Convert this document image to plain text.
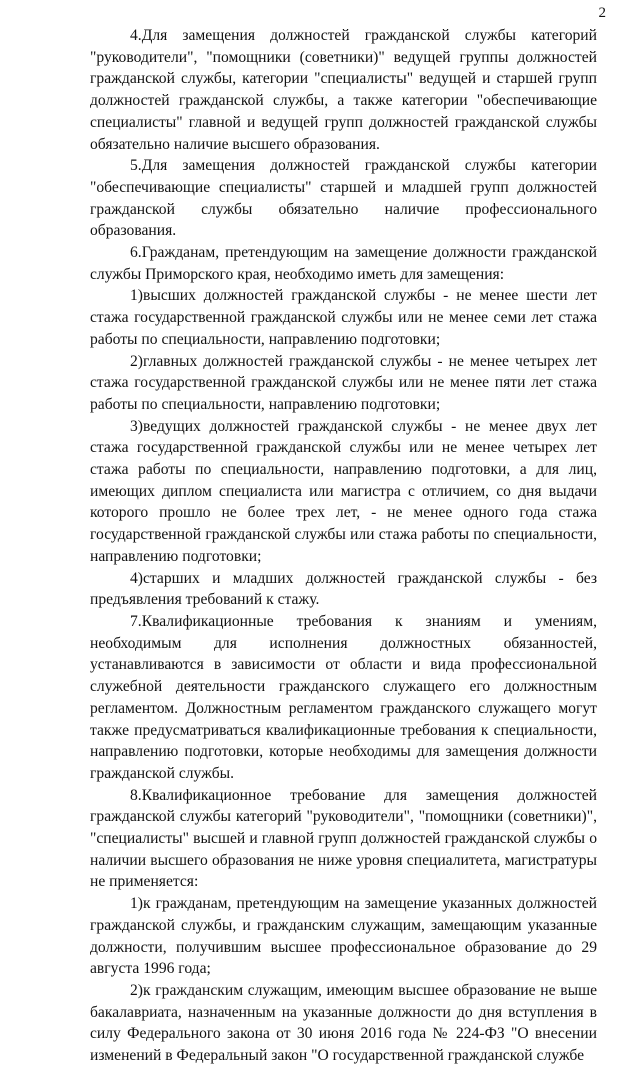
2

4.Для замещения должностей гражданской службы категорий "руководители", "помощники (советники)" ведущей группы должностей гражданской службы, категории "специалисты" ведущей и старшей групп должностей гражданской службы, а также категории "обеспечивающие специалисты" главной и ведущей групп должностей гражданской службы обязательно наличие высшего образования.

5.Для замещения должностей гражданской службы категории "обеспечивающие специалисты" старшей и младшей групп должностей гражданской службы обязательно наличие профессионального образования.

6.Гражданам, претендующим на замещение должности гражданской службы Приморского края, необходимо иметь для замещения:

1)высших должностей гражданской службы - не менее шести лет стажа государственной гражданской службы или не менее семи лет стажа работы по специальности, направлению подготовки;

2)главных должностей гражданской службы - не менее четырех лет стажа государственной гражданской службы или не менее пяти лет стажа работы по специальности, направлению подготовки;

3)ведущих должностей гражданской службы - не менее двух лет стажа государственной гражданской службы или не менее четырех лет стажа работы по специальности, направлению подготовки, а для лиц, имеющих диплом специалиста или магистра с отличием, со дня выдачи которого прошло не более трех лет, - не менее одного года стажа государственной гражданской службы или стажа работы по специальности, направлению подготовки;

4)старших и младших должностей гражданской службы - без предъявления требований к стажу.

7.Квалификационные требования к знаниям и умениям, необходимым для исполнения должностных обязанностей, устанавливаются в зависимости от области и вида профессиональной служебной деятельности гражданского служащего его должностным регламентом. Должностным регламентом гражданского служащего могут также предусматриваться квалификационные требования к специальности, направлению подготовки, которые необходимы для замещения должности гражданской службы.

8.Квалификационное требование для замещения должностей гражданской службы категорий "руководители", "помощники (советники)", "специалисты" высшей и главной групп должностей гражданской службы о наличии высшего образования не ниже уровня специалитета, магистратуры не применяется:

1)к гражданам, претендующим на замещение указанных должностей гражданской службы, и гражданским служащим, замещающим указанные должности, получившим высшее профессиональное образование до 29 августа 1996 года;

2)к гражданским служащим, имеющим высшее образование не выше бакалавриата, назначенным на указанные должности до дня вступления в силу Федерального закона от 30 июня 2016 года № 224-ФЗ "О внесении изменений в Федеральный закон "О государственной гражданской службе
